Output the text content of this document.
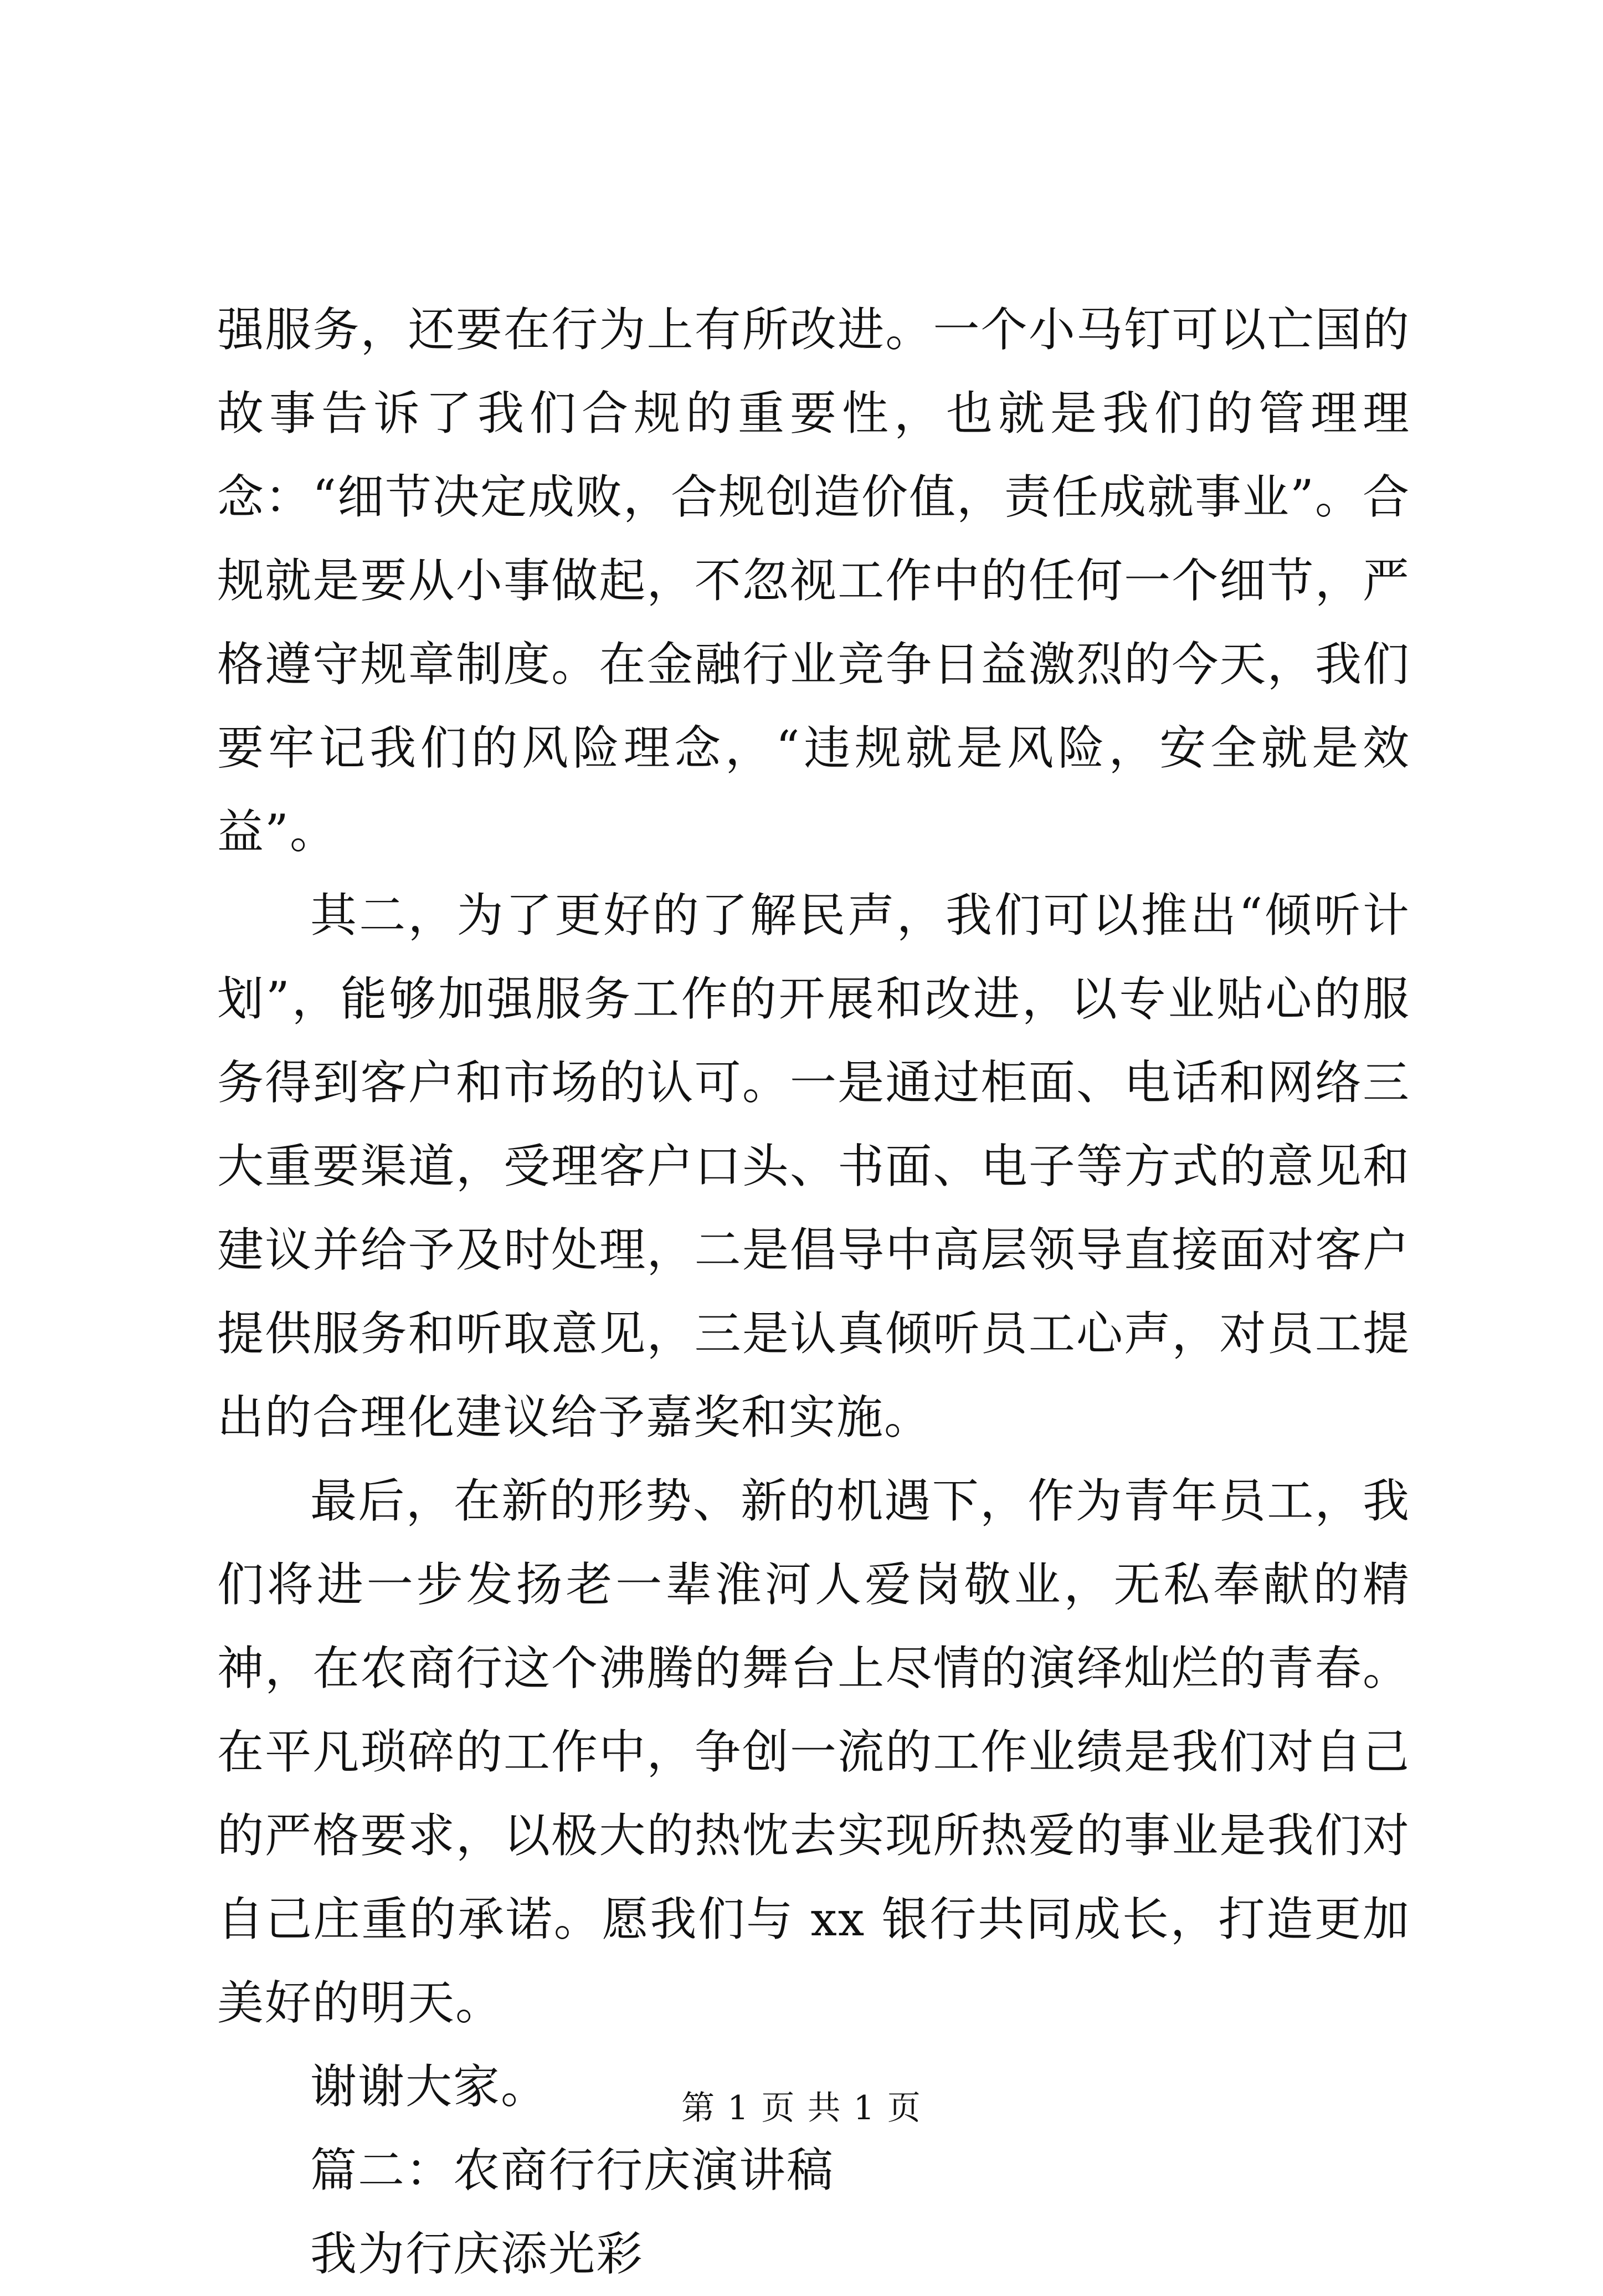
强服务，还要在行为上有所改进。一个小马钉可以亡国的故事告诉了我们合规的重要性，也就是我们的管理理念：“细节决定成败，合规创造价值，责任成就事业”。合规就是要从小事做起，不忽视工作中的任何一个细节，严格遵守规章制度。在金融行业竞争日益激烈的今天，我们要牢记我们的风险理念，“违规就是风险，安全就是效益”。

其二，为了更好的了解民声，我们可以推出“倾听计划”，能够加强服务工作的开展和改进，以专业贴心的服务得到客户和市场的认可。一是通过柜面、电话和网络三大重要渠道，受理客户口头、书面、电子等方式的意见和建议并给予及时处理，二是倡导中高层领导直接面对客户提供服务和听取意见，三是认真倾听员工心声，对员工提出的合理化建议给予嘉奖和实施。

最后，在新的形势、新的机遇下，作为青年员工，我们将进一步发扬老一辈淮河人爱岗敬业，无私奉献的精神，在农商行这个沸腾的舞台上尽情的演绎灿烂的青春。在平凡琐碎的工作中，争创一流的工作业绩是我们对自己的严格要求，以极大的热忱去实现所热爱的事业是我们对自己庄重的承诺。愿我们与 xx 银行共同成长，打造更加美好的明天。

谢谢大家。

篇二：农商行行庆演讲稿

我为行庆添光彩

第 1 页 共 1 页
